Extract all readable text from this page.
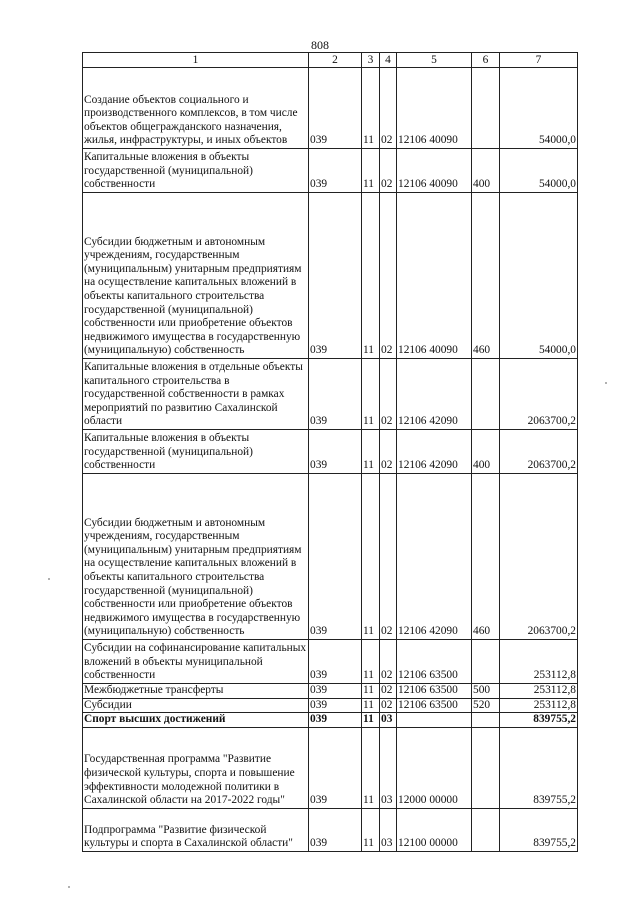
808
1	2	3	4	5	6	7
Создание объектов социального и производственного комплексов, в том числе объектов общегражданского назначения, жилья, инфраструктуры, и иных объектов	039	11	02	12106 40090		54000,0
Капитальные вложения в объекты государственной (муниципальной) собственности	039	11	02	12106 40090	400	54000,0
Субсидии бюджетным и автономным учреждениям, государственным (муниципальным) унитарным предприятиям на осуществление капитальных вложений в объекты капитального строительства государственной (муниципальной) собственности или приобретение объектов недвижимого имущества в государственную (муниципальную) собственность	039	11	02	12106 40090	460	54000,0
Капитальные вложения в отдельные объекты капитального строительства в государственной собственности в рамках мероприятий по развитию Сахалинской области	039	11	02	12106 42090		2063700,2
Капитальные вложения в объекты государственной (муниципальной) собственности	039	11	02	12106 42090	400	2063700,2
Субсидии бюджетным и автономным учреждениям, государственным (муниципальным) унитарным предприятиям на осуществление капитальных вложений в объекты капитального строительства государственной (муниципальной) собственности или приобретение объектов недвижимого имущества в государственную (муниципальную) собственность	039	11	02	12106 42090	460	2063700,2
Субсидии на софинансирование капитальных вложений в объекты муниципальной собственности	039	11	02	12106 63500		253112,8
Межбюджетные трансферты	039	11	02	12106 63500	500	253112,8
Субсидии	039	11	02	12106 63500	520	253112,8
Спорт высших достижений	039	11	03			839755,2
Государственная программа "Развитие физической культуры, спорта и повышение эффективности молодежной политики в Сахалинской области на 2017-2022 годы"	039	11	03	12000 00000		839755,2
Подпрограмма "Развитие физической культуры и спорта в Сахалинской области"	039	11	03	12100 00000		839755,2
